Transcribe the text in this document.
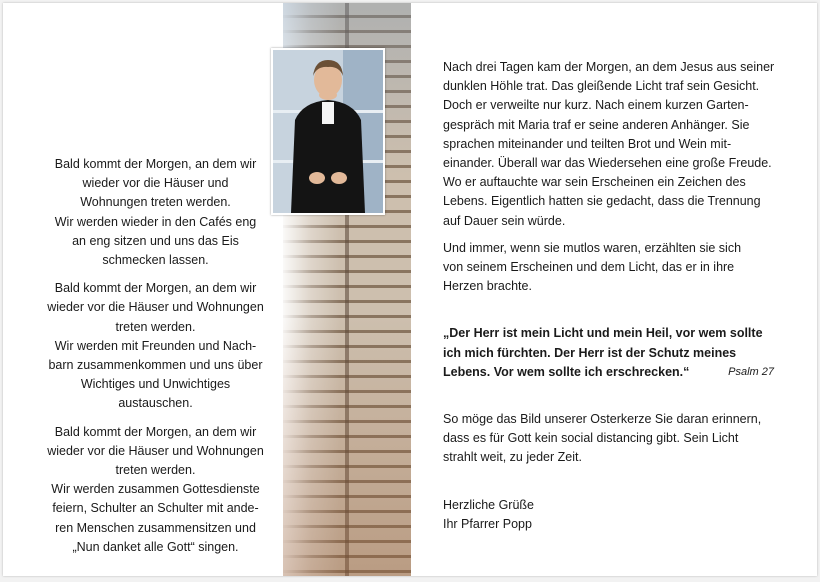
Bald kommt der Morgen, an dem wir
wieder vor die Häuser und
Wohnungen treten werden.
Wir werden wieder in den Cafés eng
an eng sitzen und uns das Eis
schmecken lassen.

Bald kommt der Morgen, an dem wir
wieder vor die Häuser und Wohnungen
treten werden.
Wir werden mit Freunden und Nach-
barn zusammenkommen und uns über
Wichtiges und Unwichtiges
austauschen.

Bald kommt der Morgen, an dem wir
wieder vor die Häuser und Wohnungen
treten werden.
Wir werden zusammen Gottesdienste
feiern, Schulter an Schulter mit ande-
ren Menschen zusammensitzen und
„Nun danket alle Gott“ singen.

Nach drei Tagen kam der Morgen, an dem Jesus aus seiner
dunklen Höhle trat. Das gleißende Licht traf sein Gesicht.
Doch er verweilte nur kurz. Nach einem kurzen Garten-
gespräch mit Maria traf er seine anderen Anhänger. Sie
sprachen miteinander und teilten Brot und Wein mit-
einander. Überall war das Wiedersehen eine große Freude.
Wo er auftauchte war sein Erscheinen ein Zeichen des
Lebens. Eigentlich hatten sie gedacht, dass die Trennung
auf Dauer sein würde.

Und immer, wenn sie mutlos waren, erzählten sie sich
von seinem Erscheinen und dem Licht, das er in ihre
Herzen brachte.

„Der Herr ist mein Licht und mein Heil, vor wem sollte
ich mich fürchten. Der Herr ist der Schutz meines
Psalm 27
Lebens. Vor wem sollte ich erschrecken.“

So möge das Bild unserer Osterkerze Sie daran erinnern,
dass es für Gott kein social distancing gibt. Sein Licht
strahlt weit, zu jeder Zeit.

Herzliche Grüße
Ihr Pfarrer Popp
